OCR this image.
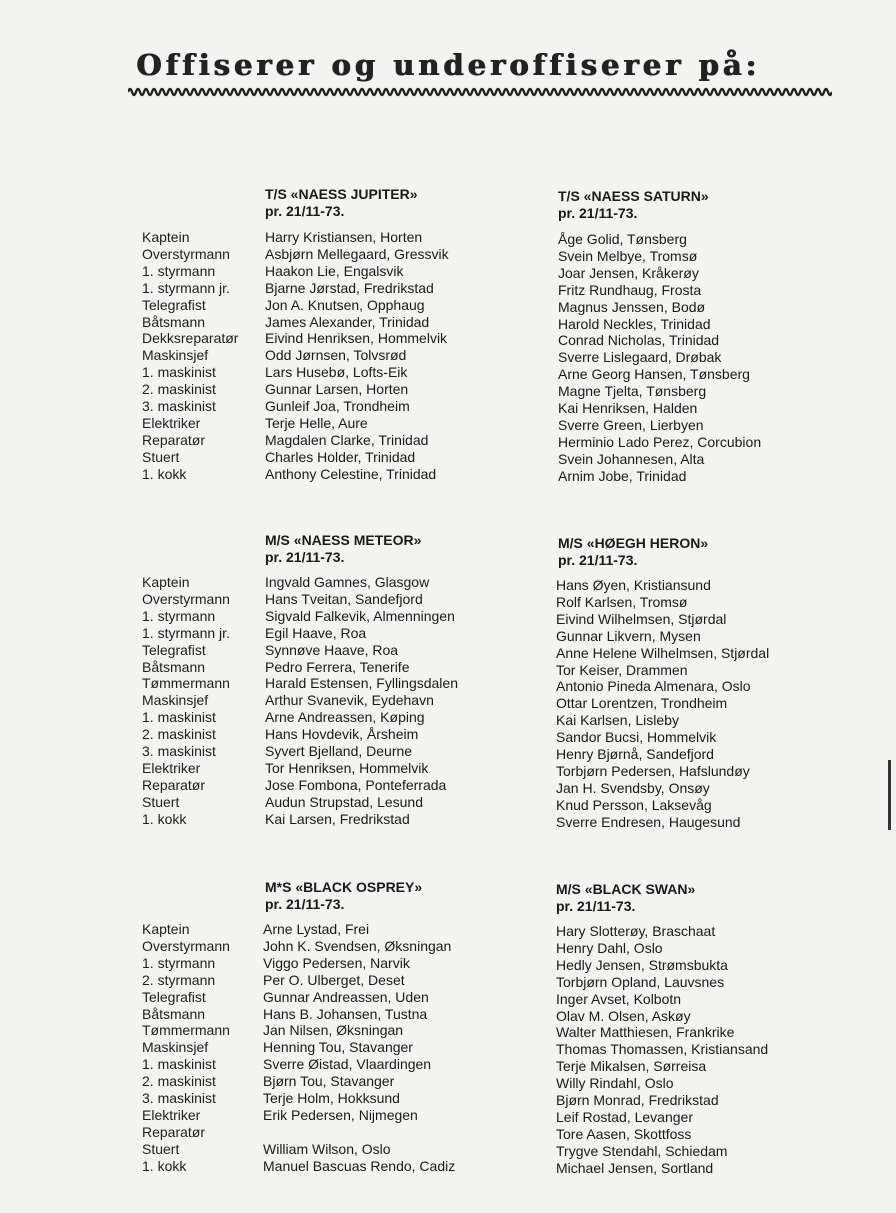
Offiserer og underoffiserer på:
T/S «NAESS JUPITER»
pr. 21/11-73.
T/S «NAESS SATURN»
pr. 21/11-73.
Kaptein
Overstyrmann
1. styrmann
1. styrmann jr.
Telegrafist
Båtsmann
Dekksreparatør
Maskinsjef
1. maskinist
2. maskinist
3. maskinist
Elektriker
Reparatør
Stuert
1. kokk
Harry Kristiansen, Horten
Asbjørn Mellegaard, Gressvik
Haakon Lie, Engalsvik
Bjarne Jørstad, Fredrikstad
Jon A. Knutsen, Opphaug
James Alexander, Trinidad
Eivind Henriksen, Hommelvik
Odd Jørnsen, Tolvsrød
Lars Husebø, Lofts-Eik
Gunnar Larsen, Horten
Gunleif Joa, Trondheim
Terje Helle, Aure
Magdalen Clarke, Trinidad
Charles Holder, Trinidad
Anthony Celestine, Trinidad
Åge Golid, Tønsberg
Svein Melbye, Tromsø
Joar Jensen, Kråkerøy
Fritz Rundhaug, Frosta
Magnus Jenssen, Bodø
Harold Neckles, Trinidad
Conrad Nicholas, Trinidad
Sverre Lislegaard, Drøbak
Arne Georg Hansen, Tønsberg
Magne Tjelta, Tønsberg
Kai Henriksen, Halden
Sverre Green, Lierbyen
Herminio Lado Perez, Corcubion
Svein Johannesen, Alta
Arnim Jobe, Trinidad
M/S «NAESS METEOR»
pr. 21/11-73.
M/S «HØEGH HERON»
pr. 21/11-73.
Kaptein
Overstyrmann
1. styrmann
1. styrmann jr.
Telegrafist
Båtsmann
Tømmermann
Maskinsjef
1. maskinist
2. maskinist
3. maskinist
Elektriker
Reparatør
Stuert
1. kokk
Ingvald Gamnes, Glasgow
Hans Tveitan, Sandefjord
Sigvald Falkevik, Almenningen
Egil Haave, Roa
Synnøve Haave, Roa
Pedro Ferrera, Tenerife
Harald Estensen, Fyllingsdalen
Arthur Svanevik, Eydehavn
Arne Andreassen, Køping
Hans Hovdevik, Årsheim
Syvert Bjelland, Deurne
Tor Henriksen, Hommelvik
Jose Fombona, Ponteferrada
Audun Strupstad, Lesund
Kai Larsen, Fredrikstad
Hans Øyen, Kristiansund
Rolf Karlsen, Tromsø
Eivind Wilhelmsen, Stjørdal
Gunnar Likvern, Mysen
Anne Helene Wilhelmsen, Stjørdal
Tor Keiser, Drammen
Antonio Pineda Almenara, Oslo
Ottar Lorentzen, Trondheim
Kai Karlsen, Lisleby
Sandor Bucsi, Hommelvik
Henry Bjørnå, Sandefjord
Torbjørn Pedersen, Hafslundøy
Jan H. Svendsby, Onsøy
Knud Persson, Laksevåg
Sverre Endresen, Haugesund
M*S «BLACK OSPREY»
pr. 21/11-73.
M/S «BLACK SWAN»
pr. 21/11-73.
Kaptein
Overstyrmann
1. styrmann
2. styrmann
Telegrafist
Båtsmann
Tømmermann
Maskinsjef
1. maskinist
2. maskinist
3. maskinist
Elektriker
Reparatør
Stuert
1. kokk
Arne Lystad, Frei
John K. Svendsen, Øksningan
Viggo Pedersen, Narvik
Per O. Ulberget, Deset
Gunnar Andreassen, Uden
Hans B. Johansen, Tustna
Jan Nilsen, Øksningan
Henning Tou, Stavanger
Sverre Øistad, Vlaardingen
Bjørn Tou, Stavanger
Terje Holm, Hokksund
Erik Pedersen, Nijmegen

William Wilson, Oslo
Manuel Bascuas Rendo, Cadiz
Hary Slotterøy, Braschaat
Henry Dahl, Oslo
Hedly Jensen, Strømsbukta
Torbjørn Opland, Lauvsnes
Inger Avset, Kolbotn
Olav M. Olsen, Askøy
Walter Matthiesen, Frankrike
Thomas Thomassen, Kristiansand
Terje Mikalsen, Sørreisa
Willy Rindahl, Oslo
Bjørn Monrad, Fredrikstad
Leif Rostad, Levanger
Tore Aasen, Skottfoss
Trygve Stendahl, Schiedam
Michael Jensen, Sortland
